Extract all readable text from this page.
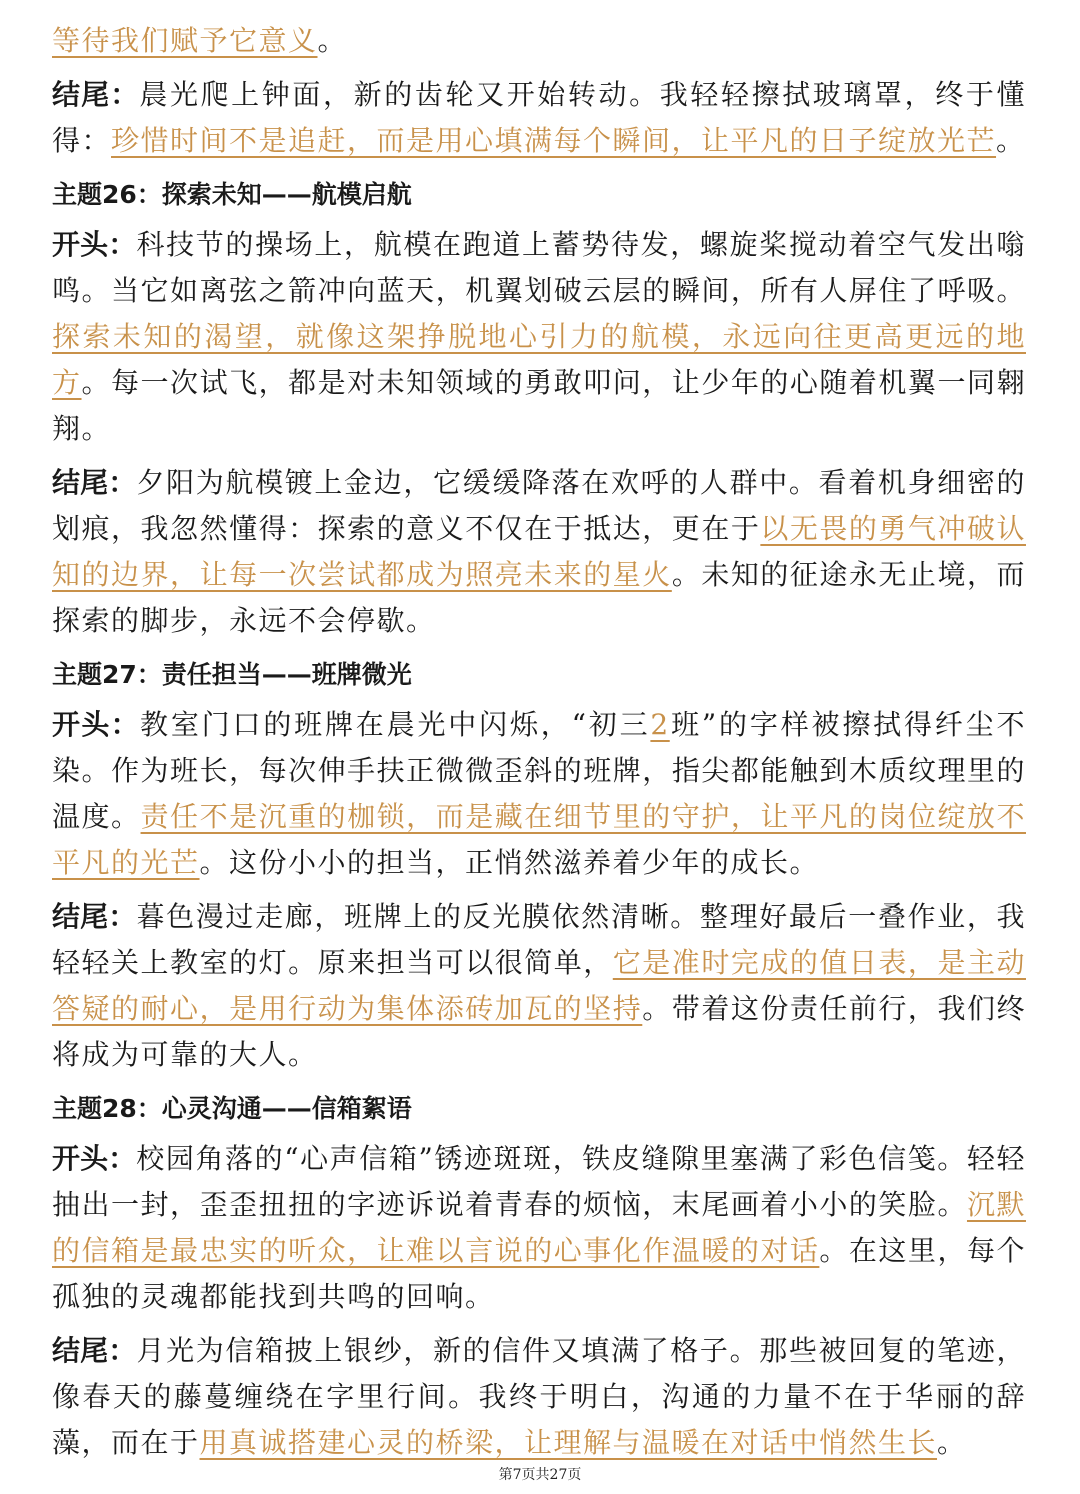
等待我们赋予它意义。

结尾：晨光爬上钟面，新的齿轮又开始转动。我轻轻擦拭玻璃罩，终于懂得：珍惜时间不是追赶，而是用心填满每个瞬间，让平凡的日子绽放光芒。

主题26：探索未知——航模启航

开头：科技节的操场上，航模在跑道上蓄势待发，螺旋桨搅动着空气发出嗡鸣。当它如离弦之箭冲向蓝天，机翼划破云层的瞬间，所有人屏住了呼吸。探索未知的渴望，就像这架挣脱地心引力的航模，永远向往更高更远的地方。每一次试飞，都是对未知领域的勇敢叩问，让少年的心随着机翼一同翱翔。

结尾：夕阳为航模镀上金边，它缓缓降落在欢呼的人群中。看着机身细密的划痕，我忽然懂得：探索的意义不仅在于抵达，更在于以无畏的勇气冲破认知的边界，让每一次尝试都成为照亮未来的星火。未知的征途永无止境，而探索的脚步，永远不会停歇。

主题27：责任担当——班牌微光

开头：教室门口的班牌在晨光中闪烁，“初三2班”的字样被擦拭得纤尘不染。作为班长，每次伸手扶正微微歪斜的班牌，指尖都能触到木质纹理里的温度。责任不是沉重的枷锁，而是藏在细节里的守护，让平凡的岗位绽放不平凡的光芒。这份小小的担当，正悄然滋养着少年的成长。

结尾：暮色漫过走廊，班牌上的反光膜依然清晰。整理好最后一叠作业，我轻轻关上教室的灯。原来担当可以很简单，它是准时完成的值日表，是主动答疑的耐心，是用行动为集体添砖加瓦的坚持。带着这份责任前行，我们终将成为可靠的大人。

主题28：心灵沟通——信箱絮语

开头：校园角落的“心声信箱”锈迹斑斑，铁皮缝隙里塞满了彩色信笺。轻轻抽出一封，歪歪扭扭的字迹诉说着青春的烦恼，末尾画着小小的笑脸。沉默的信箱是最忠实的听众，让难以言说的心事化作温暖的对话。在这里，每个孤独的灵魂都能找到共鸣的回响。

结尾：月光为信箱披上银纱，新的信件又填满了格子。那些被回复的笔迹，像春天的藤蔓缠绕在字里行间。我终于明白，沟通的力量不在于华丽的辞藻，而在于用真诚搭建心灵的桥梁，让理解与温暖在对话中悄然生长。

第7页共27页
